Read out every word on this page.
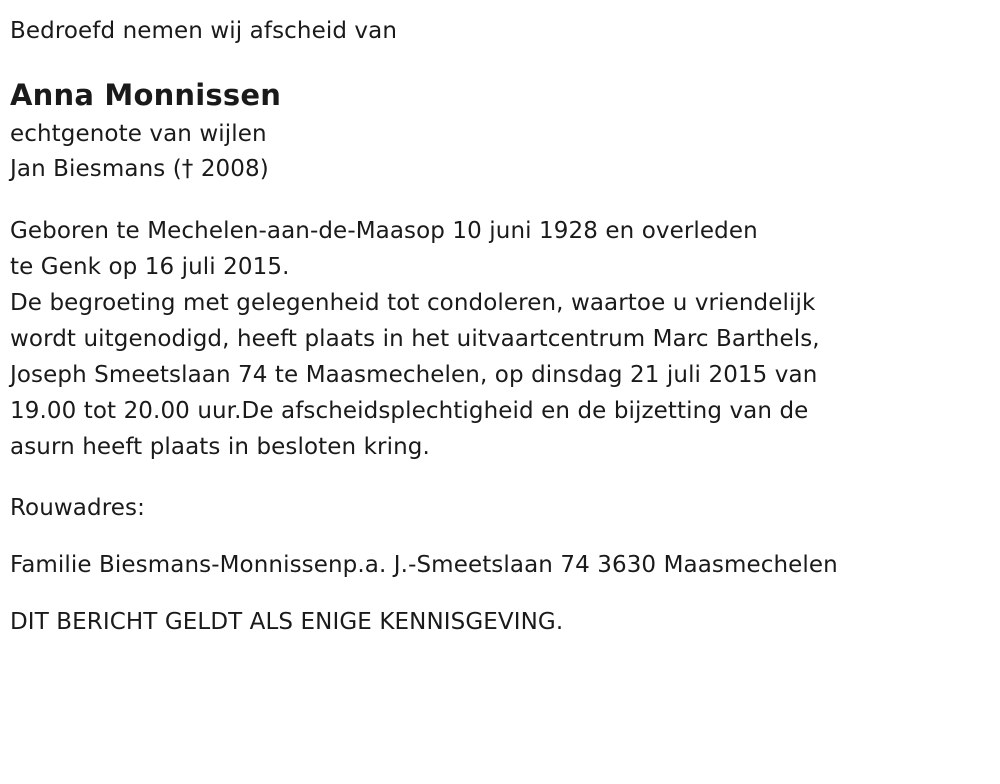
Bedroefd nemen wij afscheid van
Anna Monnissen
echtgenote van wijlen
Jan Biesmans († 2008)
Geboren te Mechelen-aan-de-Maasop 10 juni 1928 en overleden
te Genk op 16 juli 2015.
De begroeting met gelegenheid tot condoleren, waartoe u vriendelijk
wordt uitgenodigd, heeft plaats in het uitvaartcentrum Marc Barthels,
Joseph Smeetslaan 74 te Maasmechelen, op dinsdag 21 juli 2015 van
19.00 tot 20.00 uur.De afscheidsplechtigheid en de bijzetting van de
asurn heeft plaats in besloten kring.
Rouwadres:
Familie Biesmans-Monnissenp.a. J.-Smeetslaan 74 3630 Maasmechelen
DIT BERICHT GELDT ALS ENIGE KENNISGEVING.
